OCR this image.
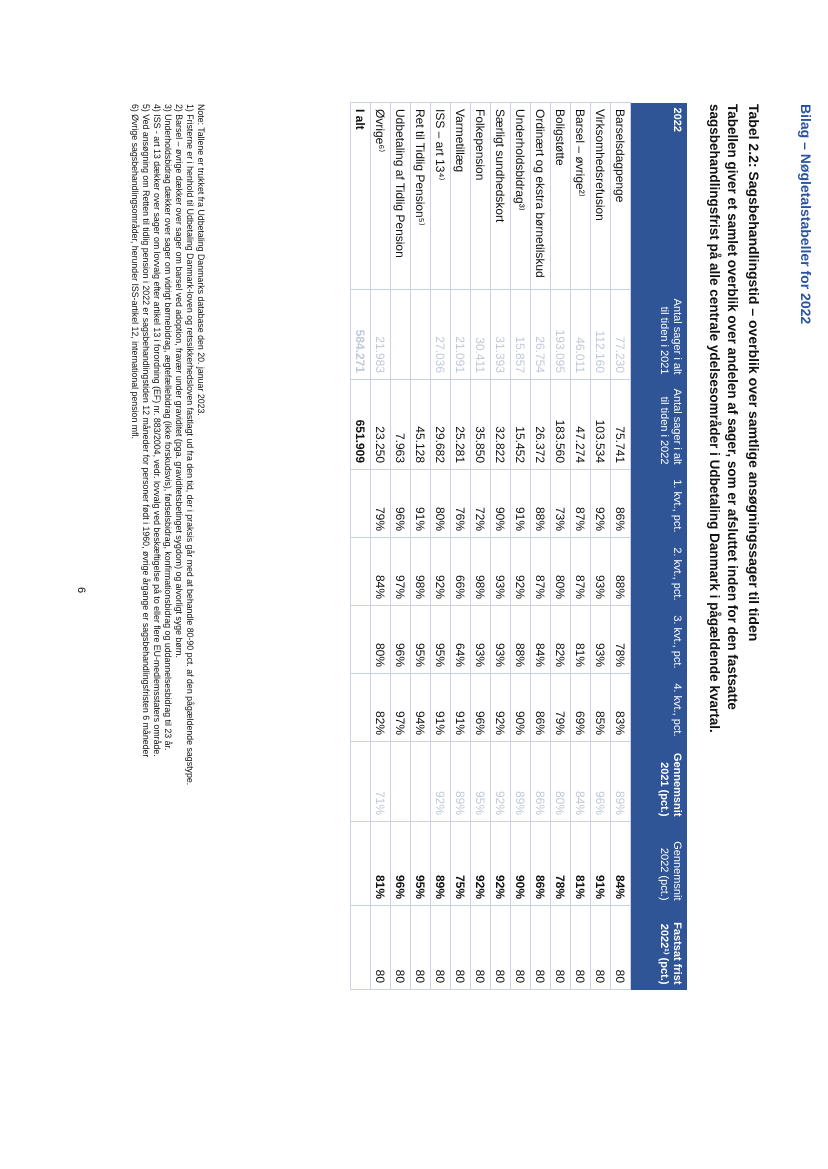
Bilag – Nøgletalstabeller for 2022
Tabel 2.2: Sagsbehandlingstid – overblik over samtlige ansøgningssager til tiden
Tabellen giver et samlet overblik over andelen af sager, som er afsluttet inden for den fastsatte sagsbehandlingsfrist på alle centrale ydelsesområder i Udbetaling Danmark i pågældende kvartal.
2022	Antal sager i alt til tiden i 2021	Antal sager i alt til tiden i 2022	1. kvt., pct.	2. kvt., pct.	3. kvt., pct.	4. kvt., pct.	Gennemsnit 2021 (pct.)	Gennemsnit 2022 (pct.)	Fastsat frist 2022¹⁾ (pct.)
Barselsdagpenge	77.230	75.741	86%	88%	78%	83%	89%	84%	80
Virksomhedsrefusion	112.160	103.534	92%	93%	93%	85%	96%	91%	80
Barsel – øvrige²⁾	46.011	47.274	87%	87%	81%	69%	84%	81%	80
Boligstøtte	193.095	183.560	73%	80%	82%	79%	80%	78%	80
Ordinært og ekstra børnetilskud	26.754	26.372	88%	87%	84%	86%	86%	86%	80
Underholdsbidrag³⁾	15.857	15.452	91%	92%	88%	90%	89%	90%	80
Særligt sundhedskort	31.393	32.822	90%	93%	93%	92%	92%	92%	80
Folkepension	30.411	35.850	72%	98%	93%	96%	95%	92%	80
Varmetillæg	21.091	25.281	76%	66%	64%	91%	89%	75%	80
ISS – art 13⁴⁾	27.036	29.682	80%	92%	95%	91%	92%	89%	80
Ret til Tidlig Pension⁵⁾		45.128	91%	98%	95%	94%		95%	80
Udbetaling af Tidlig Pension		7.963	96%	97%	96%	97%		96%	80
Øvrige⁶⁾	21.983	23.250	79%	84%	80%	82%	71%	81%	80
I alt	584.271	651.909							
Note: Tallene er trukket fra Udbetaling Danmarks database den 20. januar 2023.
1) Fristerne er i henhold til Udbetaling Danmark-loven og retssikkerhedsloven fastlagt ud fra den tid, der i praksis går med at behandle 80-90 pct. af den pågældende sagstype.
2) Barsel – øvrige dækker over sager om barsel ved adoption, fravær under graviditet (pga. graviditetsbetinget sygdom) og alvorligt syge børn.
3) Underholdsbidrag dækker over sager om vidrigt børnebidrag, ægtefællebidrag (ikke forskudsvis), fødselsbidrag, konfirmationsbidrag og uddannelsesbidrag til 23 år.
4) ISS - art 13 dækker over sager om lovvalg efter artikel 13 i forordning (EF) nr. 883/2004, vedr. lovvalg ved beskæftigelse på to eller flere EU-medlemsstaters område.
5) Ved ansøgning om Retten til tidlig pension i 2022 er sagsbehandlingstiden 12 måneder for personer født i 1960, øvrige årgange er sagsbehandlingsfristen 6 måneder
6) Øvrige sagsbehandlingsområder, herunder ISS-artikel 12, international pension mfl.
6
